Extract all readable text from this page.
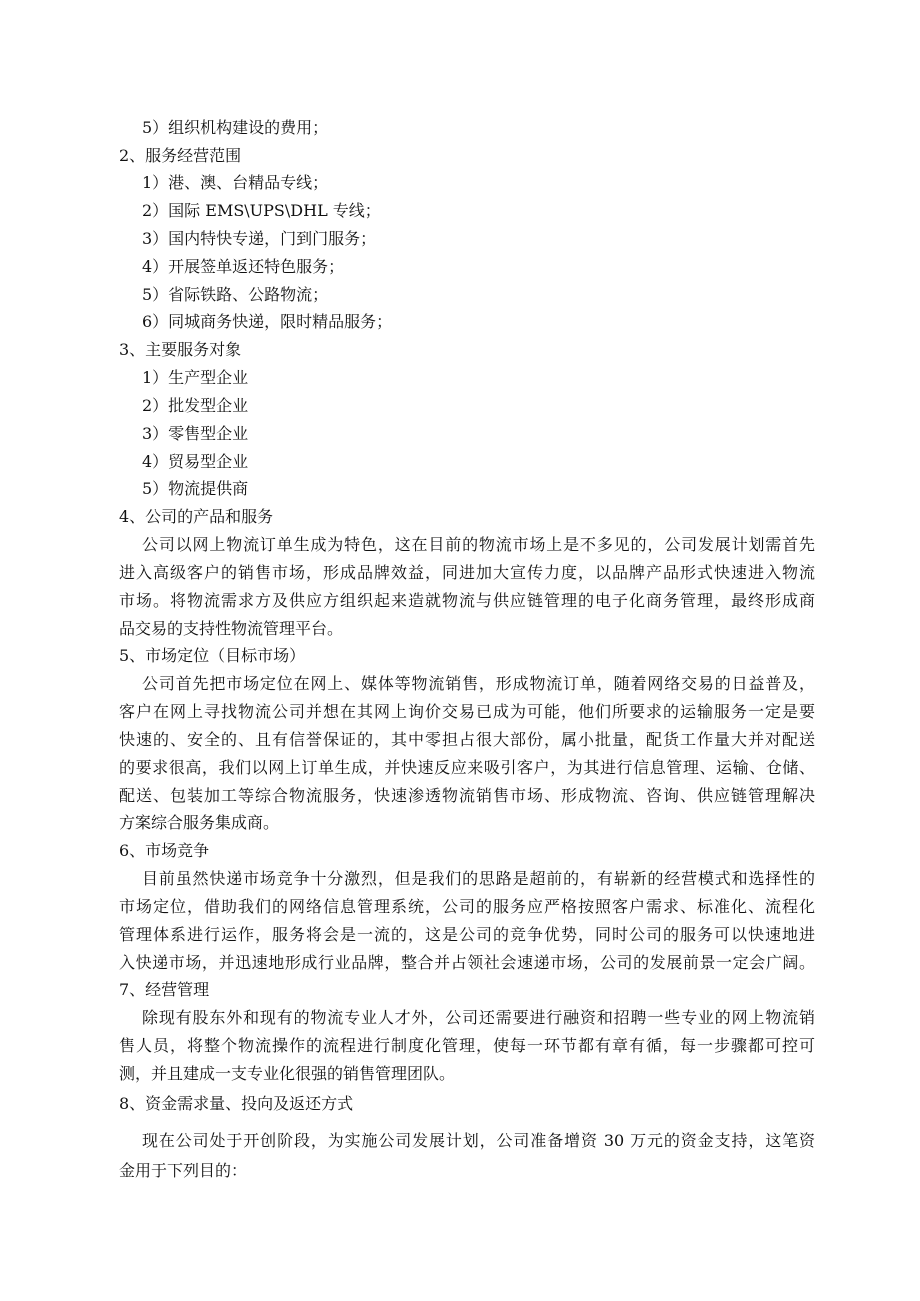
5）组织机构建设的费用；
2、服务经营范围
1）港、澳、台精品专线；
2）国际 EMS\UPS\DHL 专线；
3）国内特快专递，门到门服务；
4）开展签单返还特色服务；
5）省际铁路、公路物流；
6）同城商务快递，限时精品服务；
3、主要服务对象
1）生产型企业
2）批发型企业
3）零售型企业
4）贸易型企业
5）物流提供商
4、公司的产品和服务
公司以网上物流订单生成为特色，这在目前的物流市场上是不多见的，公司发展计划需首先
进入高级客户的销售市场，形成品牌效益，同进加大宣传力度，以品牌产品形式快速进入物流
市场。将物流需求方及供应方组织起来造就物流与供应链管理的电子化商务管理，最终形成商
品交易的支持性物流管理平台。
5、市场定位（目标市场）
公司首先把市场定位在网上、媒体等物流销售，形成物流订单，随着网络交易的日益普及，
客户在网上寻找物流公司并想在其网上询价交易已成为可能，他们所要求的运输服务一定是要
快速的、安全的、且有信誉保证的，其中零担占很大部份，属小批量，配货工作量大并对配送
的要求很高，我们以网上订单生成，并快速反应来吸引客户，为其进行信息管理、运输、仓储、
配送、包装加工等综合物流服务，快速渗透物流销售市场、形成物流、咨询、供应链管理解决
方案综合服务集成商。
6、市场竞争
目前虽然快递市场竞争十分激烈，但是我们的思路是超前的，有崭新的经营模式和选择性的
市场定位，借助我们的网络信息管理系统，公司的服务应严格按照客户需求、标准化、流程化
管理体系进行运作，服务将会是一流的，这是公司的竞争优势，同时公司的服务可以快速地进
入快递市场，并迅速地形成行业品牌，整合并占领社会速递市场，公司的发展前景一定会广阔。
7、经营管理
除现有股东外和现有的物流专业人才外，公司还需要进行融资和招聘一些专业的网上物流销
售人员，将整个物流操作的流程进行制度化管理，使每一环节都有章有循，每一步骤都可控可
测，并且建成一支专业化很强的销售管理团队。
8、资金需求量、投向及返还方式
现在公司处于开创阶段，为实施公司发展计划，公司准备增资 30 万元的资金支持，这笔资
金用于下列目的：
